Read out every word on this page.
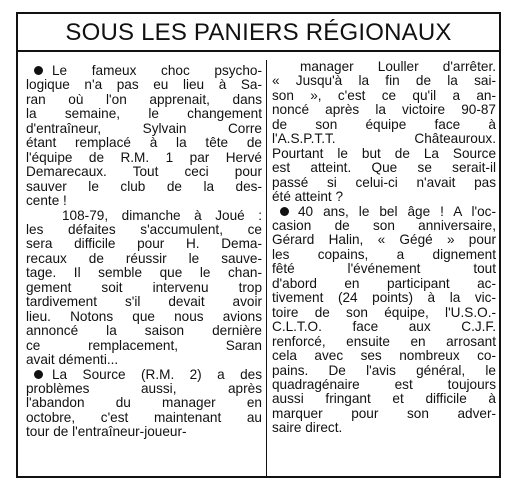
SOUS LES PANIERS RÉGIONAUX

Le fameux choc psycho-
logique n'a pas eu lieu à Sa-
ran où l'on apprenait, dans
la semaine, le changement
d'entraîneur, Sylvain Corre
étant remplacé à la tête de
l'équipe de R.M. 1 par Hervé
Demarecaux. Tout ceci pour
sauver le club de la des-
cente !

108-79, dimanche à Joué :
les défaites s'accumulent, ce
sera difficile pour H. Dema-
recaux de réussir le sauve-
tage. Il semble que le chan-
gement soit intervenu trop
tardivement s'il devait avoir
lieu. Notons que nous avions
annoncé la saison dernière
ce remplacement, Saran
avait démenti...

La Source (R.M. 2) a des
problèmes aussi, après
l'abandon du manager en
octobre, c'est maintenant au
tour de l'entraîneur-joueur-

manager Louller d'arrêter.
« Jusqu'à la fin de la sai-
son », c'est ce qu'il a an-
noncé après la victoire 90-87
de son équipe face à
l'A.S.P.T.T. Châteauroux.
Pourtant le but de La Source
est atteint. Que se serait-il
passé si celui-ci n'avait pas
été atteint ?

40 ans, le bel âge ! A l'oc-
casion de son anniversaire,
Gérard Halin, « Gégé » pour
les copains, a dignement
fêté l'événement tout
d'abord en participant ac-
tivement (24 points) à la vic-
toire de son équipe, l'U.S.O.-
C.L.T.O. face aux C.J.F.
renforcé, ensuite en arrosant
cela avec ses nombreux co-
pains. De l'avis général, le
quadragénaire est toujours
aussi fringant et difficile à
marquer pour son adver-
saire direct.
